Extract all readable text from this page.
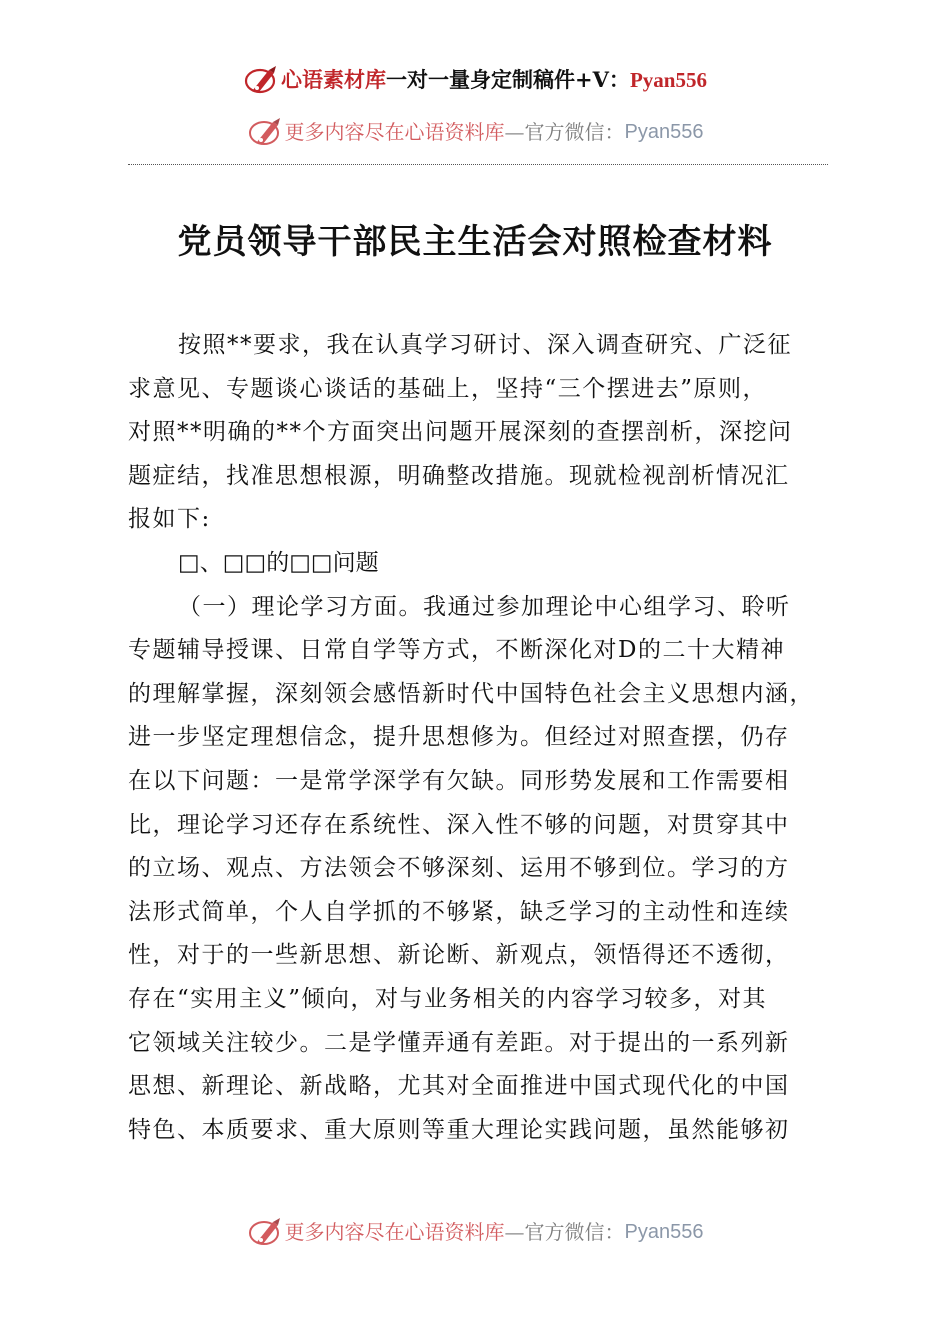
心语素材库一对一量身定制稿件+V：Pyan556
更多内容尽在心语资料库—官方微信：Pyan556
党员领导干部民主生活会对照检查材料
按照**要求，我在认真学习研讨、深入调查研究、广泛征
求意见、专题谈心谈话的基础上，坚持“三个摆进去”原则，
对照**明确的**个方面突出问题开展深刻的查摆剖析，深挖问
题症结，找准思想根源，明确整改措施。现就检视剖析情况汇
报如下:
□、□□的□□问题
（一）理论学习方面。我通过参加理论中心组学习、聆听
专题辅导授课、日常自学等方式，不断深化对D的二十大精神
的理解掌握，深刻领会感悟新时代中国特色社会主义思想内涵，
进一步坚定理想信念，提升思想修为。但经过对照查摆，仍存
在以下问题：一是常学深学有欠缺。同形势发展和工作需要相
比，理论学习还存在系统性、深入性不够的问题，对贯穿其中
的立场、观点、方法领会不够深刻、运用不够到位。学习的方
法形式简单，个人自学抓的不够紧，缺乏学习的主动性和连续
性，对于的一些新思想、新论断、新观点，领悟得还不透彻，
存在“实用主义”倾向，对与业务相关的内容学习较多，对其
它领域关注较少。二是学懂弄通有差距。对于提出的一系列新
思想、新理论、新战略，尤其对全面推进中国式现代化的中国
特色、本质要求、重大原则等重大理论实践问题，虽然能够初
更多内容尽在心语资料库—官方微信：Pyan556
